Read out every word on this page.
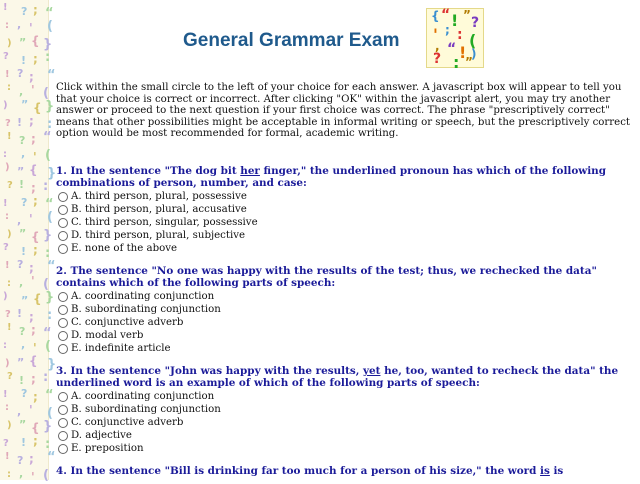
! ? ; “
: , ' (
) ” { }
? ! ; :
! ? ; “
: , ' (
) ” { }
? ! ; :
! ? ; “
: , ' (
) ” { }
? ! ; :
! ? ; “
: , ' (
) ” { }
? ! ; :
! ? ; “
: , ' (
) ” { }
? ! ; :
! ? ; “
: , ' (
) ” { }
? ! ; :
! ? ; “
: , ' (
) ” { }
? ! ; :
! ? ; “
: , ' (
General Grammar Exam
{ “ ! ” ?
' ; : (
, “ ! )
? : ”
Click within the small circle to the left of your choice for each answer. A javascript box will appear to tell you that your choice is correct or incorrect. After clicking "OK" within the javascript alert, you may try another answer or proceed to the next question if your first choice was correct. The phrase "prescriptively correct" means that other possibilities might be acceptable in informal writing or speech, but the prescriptively correct option would be most recommended for formal, academic writing.
1. In the sentence "The dog bit her finger," the underlined pronoun has which of the following combinations of person, number, and case:
A. third person, plural, possessive
B. third person, plural, accusative
C. third person, singular, possessive
D. third person, plural, subjective
E. none of the above
2. The sentence "No one was happy with the results of the test; thus, we rechecked the data" contains which of the following parts of speech:
A. coordinating conjunction
B. subordinating conjunction
C. conjunctive adverb
D. modal verb
E. indefinite article
3. In the sentence "John was happy with the results, yet he, too, wanted to recheck the data" the underlined word is an example of which of the following parts of speech:
A. coordinating conjunction
B. subordinating conjunction
C. conjunctive adverb
D. adjective
E. preposition
4. In the sentence "Bill is drinking far too much for a person of his size," the word is is
